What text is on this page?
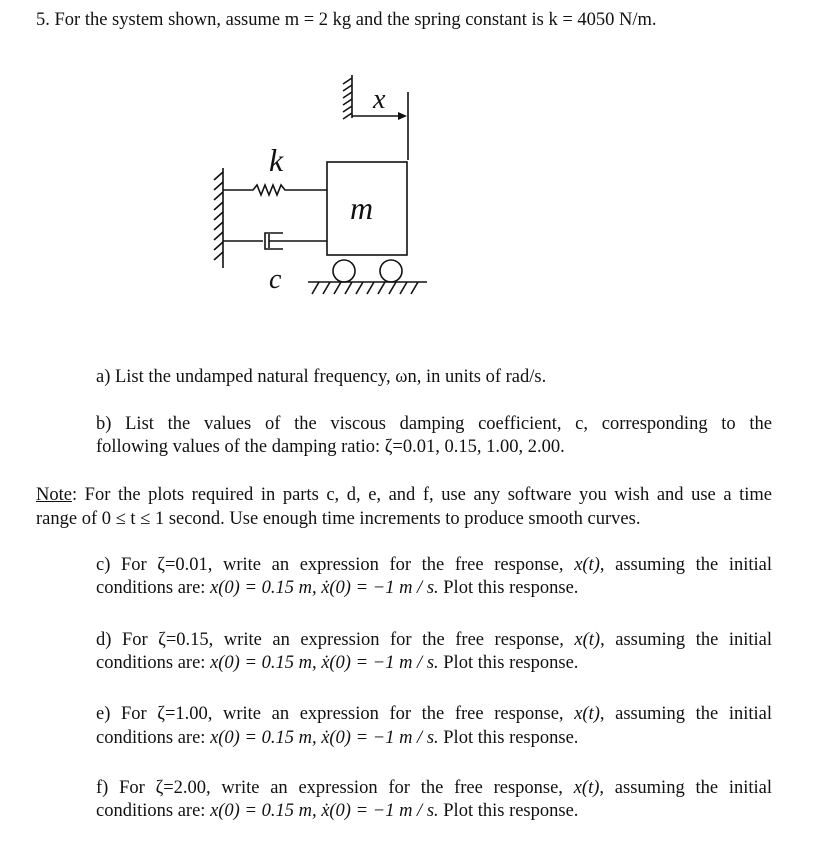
5. For the system shown, assume m = 2 kg and the spring constant is k = 4050 N/m.
x
k
m
c
a) List the undamped natural frequency, ωn, in units of rad/s.
b) List the values of the viscous damping coefficient, c, corresponding to the
following values of the damping ratio: ζ=0.01, 0.15, 1.00, 2.00.
Note: For the plots required in parts c, d, e, and f, use any software you wish and use a time
range of 0 ≤ t ≤ 1 second. Use enough time increments to produce smooth curves.
c) For ζ=0.01, write an expression for the free response, x(t), assuming the initial
conditions are: x(0) = 0.15 m, ẋ(0) = −1 m / s. Plot this response.
d) For ζ=0.15, write an expression for the free response, x(t), assuming the initial
conditions are: x(0) = 0.15 m, ẋ(0) = −1 m / s. Plot this response.
e) For ζ=1.00, write an expression for the free response, x(t), assuming the initial
conditions are: x(0) = 0.15 m, ẋ(0) = −1 m / s. Plot this response.
f) For ζ=2.00, write an expression for the free response, x(t), assuming the initial
conditions are: x(0) = 0.15 m, ẋ(0) = −1 m / s. Plot this response.
